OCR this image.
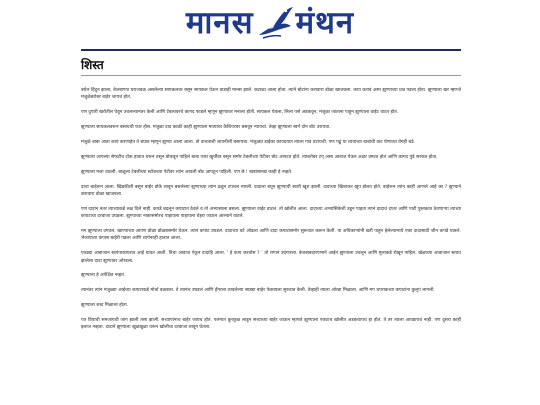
मानस मंथन
शिस्त

बघेल हिंदुन झाला, बेजबाण्या घराजवळ असलेल्या सायकलवर बसून सायकल घेऊन वाडाही मानस झाले. कटाळा आला होता. त्यांने बोटांना करावारा डोळा खाजवला. काय करावं असा झुण्याच्या प्रश्न पडला होता. झुण्याला खर म्हणजे मंजुळेबरोबर बाहेर जायचं होतं.

पण दुपारी खरोतील घेवून उचलल्यानंतर केली आणि टेबलावरचे कागद फाडले म्हणून झुण्यावर मनाला होती. सायकल घेवला, लिला पर्स अडकवून, मंजुळा जाताना पाहून झुण्याला वाईट वाटत होतं.

झुण्याला सायकलवरून बसायची फार हौस. मंजुळा दाद काळी काही झुण्याला मात्याचा कैशियरवर बसवून न्यायचा. तेव्हा झुण्याला स्वर्ग दोन बोट उरायचा.

मंजुळे बाबा आता कायं करणाहेत ते बघाव म्हणून झुण्या आला आला. तो वाचताशी लायनीशी बसायचा. मंजुळ्या डाईका कायदयात त्याला गाव वटायची. पण पढुं या व्ययाच्या बाबांची वाट घेण्याचा वेगही बढे.

झुण्याला आपल्या सेफटीच टोक हातात धरून ठसून डोकवून पाहिलं बाबा एका खुर्चीवर बसून समोर टेबलीच्या पेटीवर बोट आपटत होते. त्याबरोबर टप् असा आवाज येऊन अक्षर उमटत होतं आणि कागद पुढे सरकत होता.

झुण्याला मजा वाटली. बाळूला टेबलीच्या स्टोकच्या पेटीवर त्यांन आवली बोट आपटून पाहिली. पण छे ! बाबांसारखं काही हे नव्हते.

दाचा बाहेरून आला. खिडकीशी बसून बाहेर डोके लावून बसलेल्या झुण्याच्या त्यांन ढळून टपशल मारली. दादाला बघून झुण्याची स्वारी खूश झाली. दादाच्या खिशाकर खूप डोलत होते. बाहेरून त्यांन काही आणले आहे का ? झुण्याने करावारा डोळा खाजवला.

पण दादांन नंतर त्याच्याकडे लक्ष दिले नाही. कपडे बदलून कपाटात ठेवले व तो अभ्यासाला बसला. झुण्याला वाईट वाटलं. तो खोलीत आला. दादाच्या अभ्यासिकेशी उडून पाहता त्यानं दादाचं दप्तर आणि पाटी पुस्तकांत ठेवणाऱ्या त्याच्या कपाटाचा दरवाजा उघडला. झुण्याच्या नाकासमोरच पाहायला पाहायला चेहरा जाऊन आल्याने वाटले.

मग झुण्याला उगवलं. खाण्याच्या आपण डोळा डोळ्यासमोर घेऊन. त्यांनं कपाट उघडलं. दादाच्या घर्ट ओढला आणि दादा कपाटासमोर सुरूवात करून केली. या अधिकाऱ्यांनी खरी पाहून हेलेल्यामध्ये एका दादासाठी जीन कपडे घातले. भेजायच्या कंपास बाहेरी पडला आणि शार्पनरही हातात आला.

एवढ्या आवाजान स्वयंपाकाघरात आई धावत आली. तिचा आवाज ऐकून दादाहि आला. ‘ हे काय करतोस ? ’ तो रागानं उदगारला. बेजबाबदारपणाने आईनं झुण्याला उचलून आणि मुलाकडे रोखून पाहिलं. खेळाच्या आवाजान सावध झालेला दादा झुण्यावर ओरडला.

झुण्याला हे अपेक्षित नव्हतं.

त्यानंतर त्यांन मंजुळ्या आईच्या कपाटाकडे मोर्चा वळवला. ते त्यानंच उघडलं आणि हँगरला लावलेल्या साड्या बाहेर फेकायला सुरुवात केली. तेव्हाही त्याला ओरडा मिळाला. आणि मग चपराकच्या कपाटांना कुलूपं लागली.

झुण्याला शब्द मिळाला होता.

पत्र वियाची समजायची जाग झाली तसा झाली. सच्यापांनाच बाहेर जायच होतं. पलंगात कुरकुळ लाडून सच्याच्या बाहेर जाऊन म्हणजे झुण्याला एकटाच खोलीत अडकवायचं हा होतं. ते तर त्याला आवडायचं नाही. पण दुसरा काही इलाज नव्हता. दादाने झुण्याला खुळखुळा धरून खोलीचा दरवाजा लावून घेतला.
